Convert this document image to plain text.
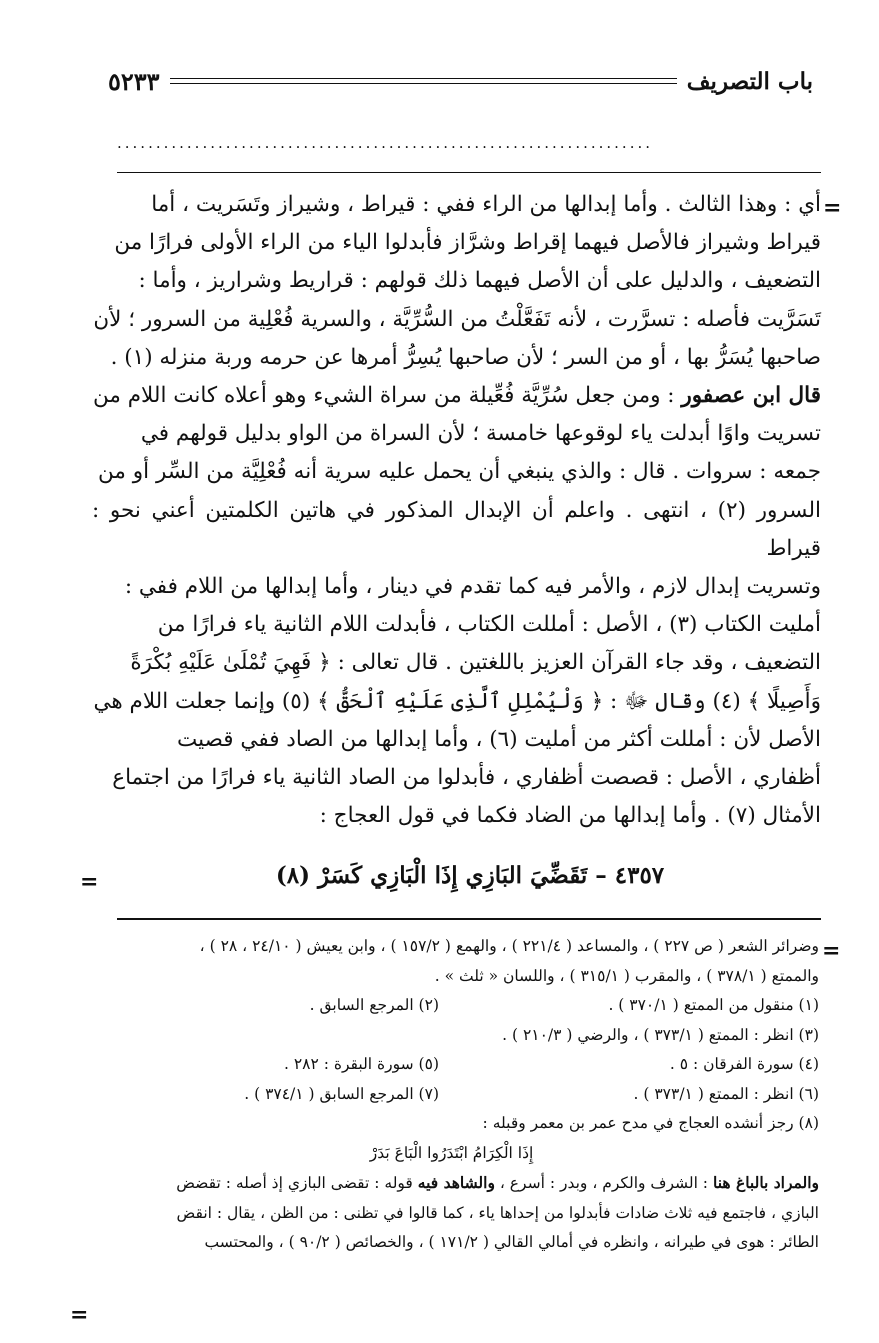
باب التصريف
٥٢٣٣
.....................................................................
=

أي : وهذا الثالث . وأما إبدالها من الراء ففي : قيراط ، وشيراز وتَسَريت ، أما

قيراط وشيراز فالأصل فيهما إقراط وشرَّاز فأبدلوا الياء من الراء الأولى فرارًا من

التضعيف ، والدليل على أن الأصل فيهما ذلك قولهم : قراريط وشراريز ، وأما :

تَسَرَّيت فأصله : تسرَّرت ، لأنه تَفَعَّلْتُ من السُّرِّيَّة ، والسرية فُعْلِية من السرور ؛ لأن

صاحبها يُسَرُّ بها ، أو من السر ؛ لأن صاحبها يُسِرُّ أمرها عن حرمه وربة منزله (١) .

قال ابن عصفور : ومن جعل سُرِّيَّة فُعِّيلة من سراة الشيء وهو أعلاه كانت اللام من

تسريت واوًا أبدلت ياء لوقوعها خامسة ؛ لأن السراة من الواو بدليل قولهم في

جمعه : سروات . قال : والذي ينبغي أن يحمل عليه سرية أنه فُعْلِيَّة من السِّر أو من

السرور (٢) ، انتهى . واعلم أن الإبدال المذكور في هاتين الكلمتين أعني نحو : قيراط

وتسريت إبدال لازم ، والأمر فيه كما تقدم في دينار ، وأما إبدالها من اللام ففي :

أمليت الكتاب (٣) ، الأصل : أمللت الكتاب ، فأبدلت اللام الثانية ياء فرارًا من

التضعيف ، وقد جاء القرآن العزيز باللغتين . قال تعالى : ﴿ فَهِيَ تُمْلَىٰ عَلَيْهِ بُكْرَةً

وَأَصِيلًا ﴾ (٤) وقال ﷻ : ﴿ وَلْيُمْلِلِ ٱلَّذِى عَلَيْهِ ٱلْحَقُّ ﴾ (٥) وإنما جعلت اللام هي

الأصل لأن : أمللت أكثر من أمليت (٦) ، وأما إبدالها من الصاد ففي قصيت

أظفاري ، الأصل : قصصت أظفاري ، فأبدلوا من الصاد الثانية ياء فرارًا من اجتماع

الأمثال (٧) . وأما إبدالها من الضاد فكما في قول العجاج :

٤٣٥٧ – تَقَضِّيَ البَازِي إِذَا الْبَازِي كَسَرْ (٨)
=
=

وضرائر الشعر ( ص ٢٢٧ ) ، والمساعد ( ٢٢١/٤ ) ، والهمع ( ١٥٧/٢ ) ، وابن يعيش ( ٢٤/١٠ ، ٢٨ ) ،

والممتع ( ٣٧٨/١ ) ، والمقرب ( ٣١٥/١ ) ، واللسان « ثلث » .

(١) منقول من الممتع ( ٣٧٠/١ ) .
(٢) المرجع السابق .

(٣) انظر : الممتع ( ٣٧٣/١ ) ، والرضي ( ٢١٠/٣ ) .

(٤) سورة الفرقان : ٥ .
(٥) سورة البقرة : ٢٨٢ .
(٦) انظر : الممتع ( ٣٧٣/١ ) .
(٧) المرجع السابق ( ٣٧٤/١ ) .

(٨) رجز أنشده العجاج في مدح عمر بن معمر وقبله :

إِذَا الْكِرَامُ ابْتَدَرُوا الْبَاعَ بَدَرْ

والمراد بالباغ هنا : الشرف والكرم ، وبدر : أسرع ، والشاهد فيه قوله : تقضى البازي إذ أصله : تقضض

البازي ، فاجتمع فيه ثلاث ضادات فأبدلوا من إحداها ياء ، كما قالوا في تظنى : من الظن ، يقال : انقض

الطائر : هوى في طيرانه ، وانظره في أمالي القالي ( ١٧١/٢ ) ، والخصائص ( ٩٠/٢ ) ، والمحتسب

=
